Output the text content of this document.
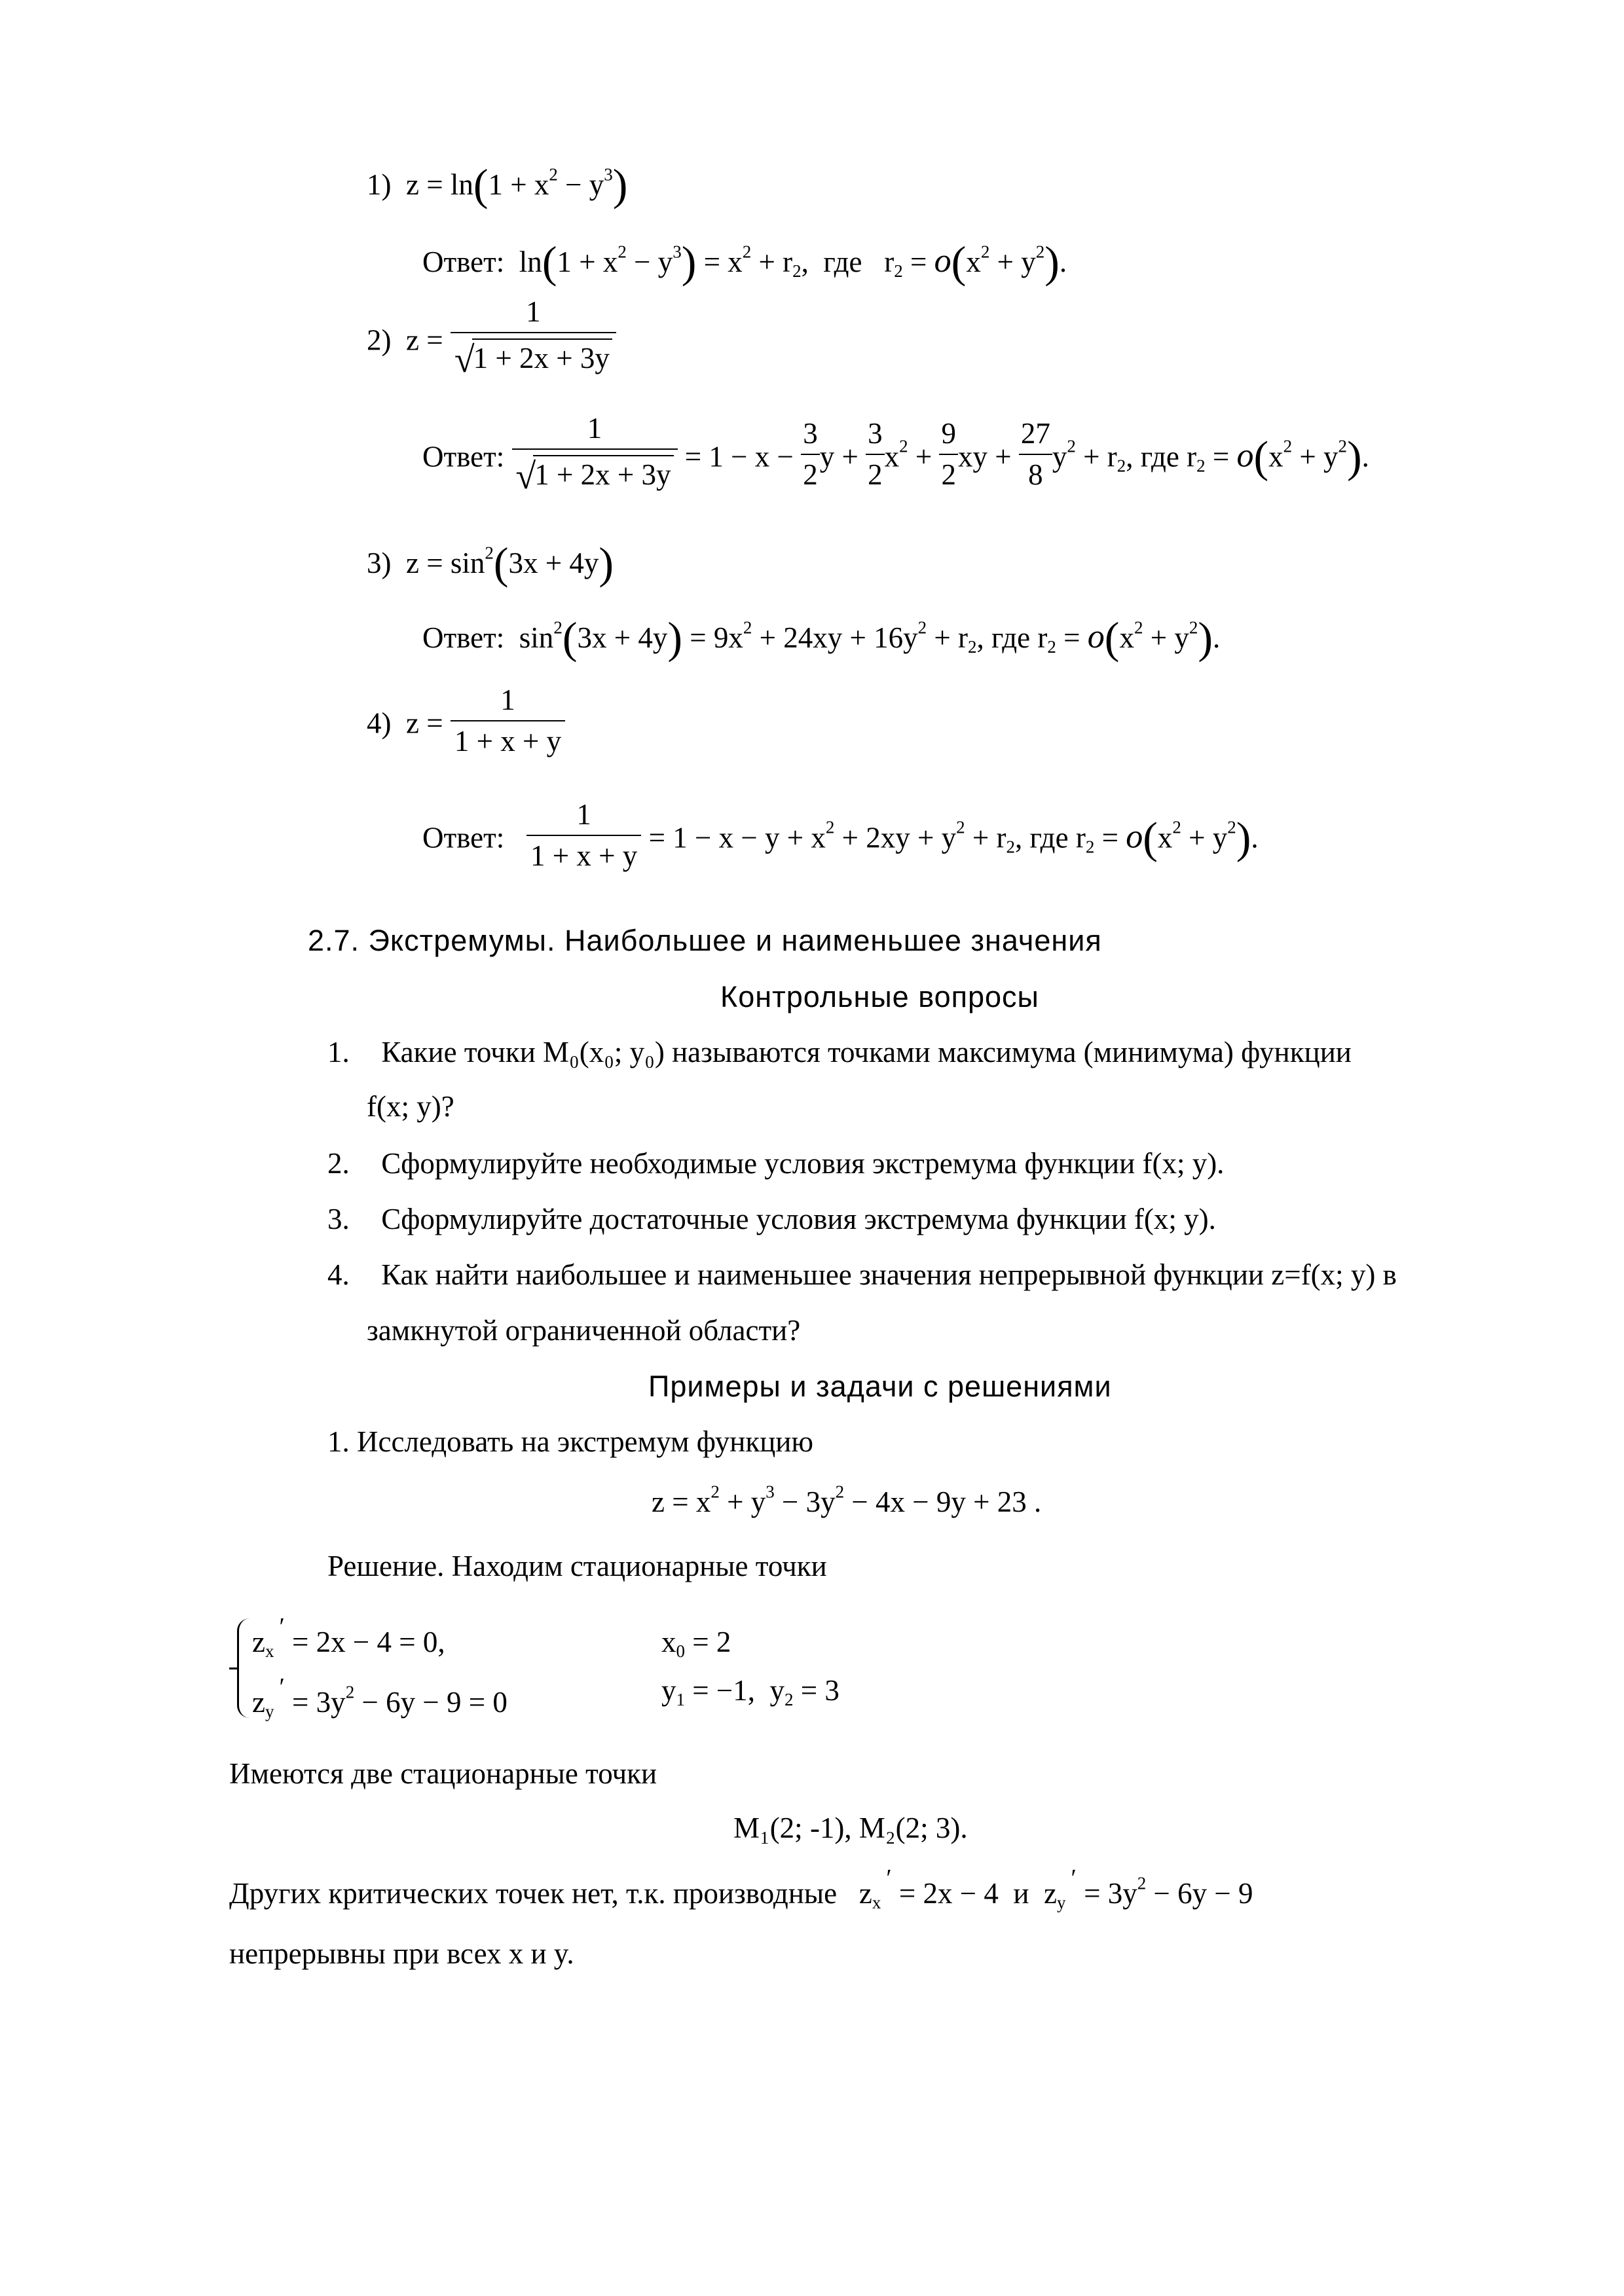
1)  $z = \ln(1 + x^2 - y^3)$
Ответ:  $\ln(1 + x^2 - y^3) = x^2 + r_2$,  где   $r_2 = o(x^2 + y^2)$.
2)  $z = \frac{1}{√1 + 2x + 3y}$
Ответ: $\frac{1}{√1 + 2x + 3y} = 1 - x - \frac{3}{2}$ $y + \frac{3}{2} x^2 + \frac{9}{2}$ xy + $\frac{27}{8} y^2 + r_2$, где $r_2 = o(x^2 + y^2)$.
3)  $z = \sin^2(3x + 4y)$
Ответ:  $\sin^2(3x + 4y) = 9x^2 + 24xy + 16y^2 + r_2$, где $r_2 = o(x^2 + y^2)$.
4)  $z = \frac{1}{1 + x + y}$
Ответ: $\frac{1}{1 + x + y} = 1 - x - y + x^2 + 2xy + y^2 + r_2$, где $r_2 = o(x^2 + y^2)$.
2.7. Экстремумы. Наибольшее и наименьшее значения
Контрольные вопросы
1. Какие точки M₀(x₀; y₀) называются точками максимума (минимума) функции
f(x; y)?
2. Сформулируйте необходимые условия экстремума функции f(x; y).
3. Сформулируйте достаточные условия экстремума функции f(x; y).
4. Как найти наибольшее и наименьшее значения непрерывной функции z=f(x; y) в
замкнутой ограниченной области?
Примеры и задачи с решениями
1. Исследовать на экстремум функцию
$z = x^2 + y^3 - 3y^2 - 4x - 9y + 23$ .
Решение. Находим стационарные точки
$z_x' = 2x - 4 = 0$,
$z_y' = 3y^2 - 6y - 9 = 0$
$x_0 = 2$
$y_1 = -1$,  $y_2 = 3$
Имеются две стационарные точки
M₁(2; -1), M₂(2; 3).
Других критических точек нет, т.к. производные   $z_x' = 2x - 4$  и  $z_y' = 3y^2 - 6y - 9$
непрерывны при всех x и y.
